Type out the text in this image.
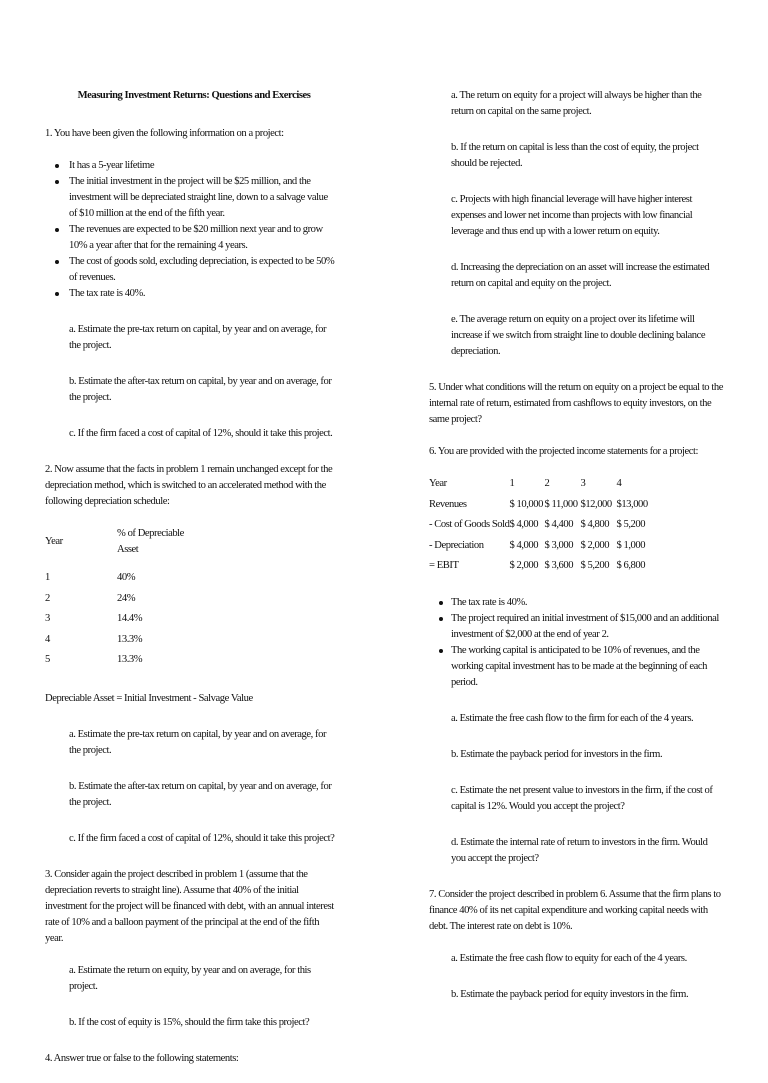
Measuring Investment Returns: Questions and Exercises

1. You have been given the following information on a project:

It has a 5-year lifetime
The initial investment in the project will be $25 million, and the investment will be depreciated straight line, down to a salvage value of $10 million at the end of the fifth year.
The revenues are expected to be $20 million next year and to grow 10% a year after that for the remaining 4 years.
The cost of goods sold, excluding depreciation, is expected to be 50% of revenues.
The tax rate is 40%.

a. Estimate the pre-tax return on capital, by year and on average, for the project.

b. Estimate the after-tax return on capital, by year and on average, for the project.

c. If the firm faced a cost of capital of 12%, should it take this project.

2. Now assume that the facts in problem 1 remain unchanged except for the depreciation method, which is switched to an accelerated method with the following depreciation schedule:

Year	% of Depreciable Asset
1	40%
2	24%
3	14.4%
4	13.3%
5	13.3%

Depreciable Asset = Initial Investment - Salvage Value

a. Estimate the pre-tax return on capital, by year and on average, for the project.

b. Estimate the after-tax return on capital, by year and on average, for the project.

c. If the firm faced a cost of capital of 12%, should it take this project?

3. Consider again the project described in problem 1 (assume that the depreciation reverts to straight line). Assume that 40% of the initial investment for the project will be financed with debt, with an annual interest rate of 10% and a balloon payment of the principal at the end of the fifth year.

a. Estimate the return on equity, by year and on average, for this project.

b. If the cost of equity is 15%, should the firm take this project?

4. Answer true or false to the following statements:

a. The return on equity for a project will always be higher than the return on capital on the same project.

b. If the return on capital is less than the cost of equity, the project should be rejected.

c. Projects with high financial leverage will have higher interest expenses and lower net income than projects with low financial leverage and thus end up with a lower return on equity.

d. Increasing the depreciation on an asset will increase the estimated return on capital and equity on the project.

e. The average return on equity on a project over its lifetime will increase if we switch from straight line to double declining balance depreciation.

5. Under what conditions will the return on equity on a project be equal to the internal rate of return, estimated from cashflows to equity investors, on the same project?

6. You are provided with the projected income statements for a project:

Year	1	2	3	4
Revenues	$ 10,000	$ 11,000	$12,000	$13,000
- Cost of Goods Sold	$ 4,000	$ 4,400	$ 4,800	$ 5,200
- Depreciation	$ 4,000	$ 3,000	$ 2,000	$ 1,000
= EBIT	$ 2,000	$ 3,600	$ 5,200	$ 6,800
The tax rate is 40%.
The project required an initial investment of $15,000 and an additional investment of $2,000 at the end of year 2.
The working capital is anticipated to be 10% of revenues, and the working capital investment has to be made at the beginning of each period.

a. Estimate the free cash flow to the firm for each of the 4 years.

b. Estimate the payback period for investors in the firm.

c. Estimate the net present value to investors in the firm, if the cost of capital is 12%. Would you accept the project?

d. Estimate the internal rate of return to investors in the firm. Would you accept the project?

7. Consider the project described in problem 6. Assume that the firm plans to finance 40% of its net capital expenditure and working capital needs with debt. The interest rate on debt is 10%.

a. Estimate the free cash flow to equity for each of the 4 years.

b. Estimate the payback period for equity investors in the firm.
